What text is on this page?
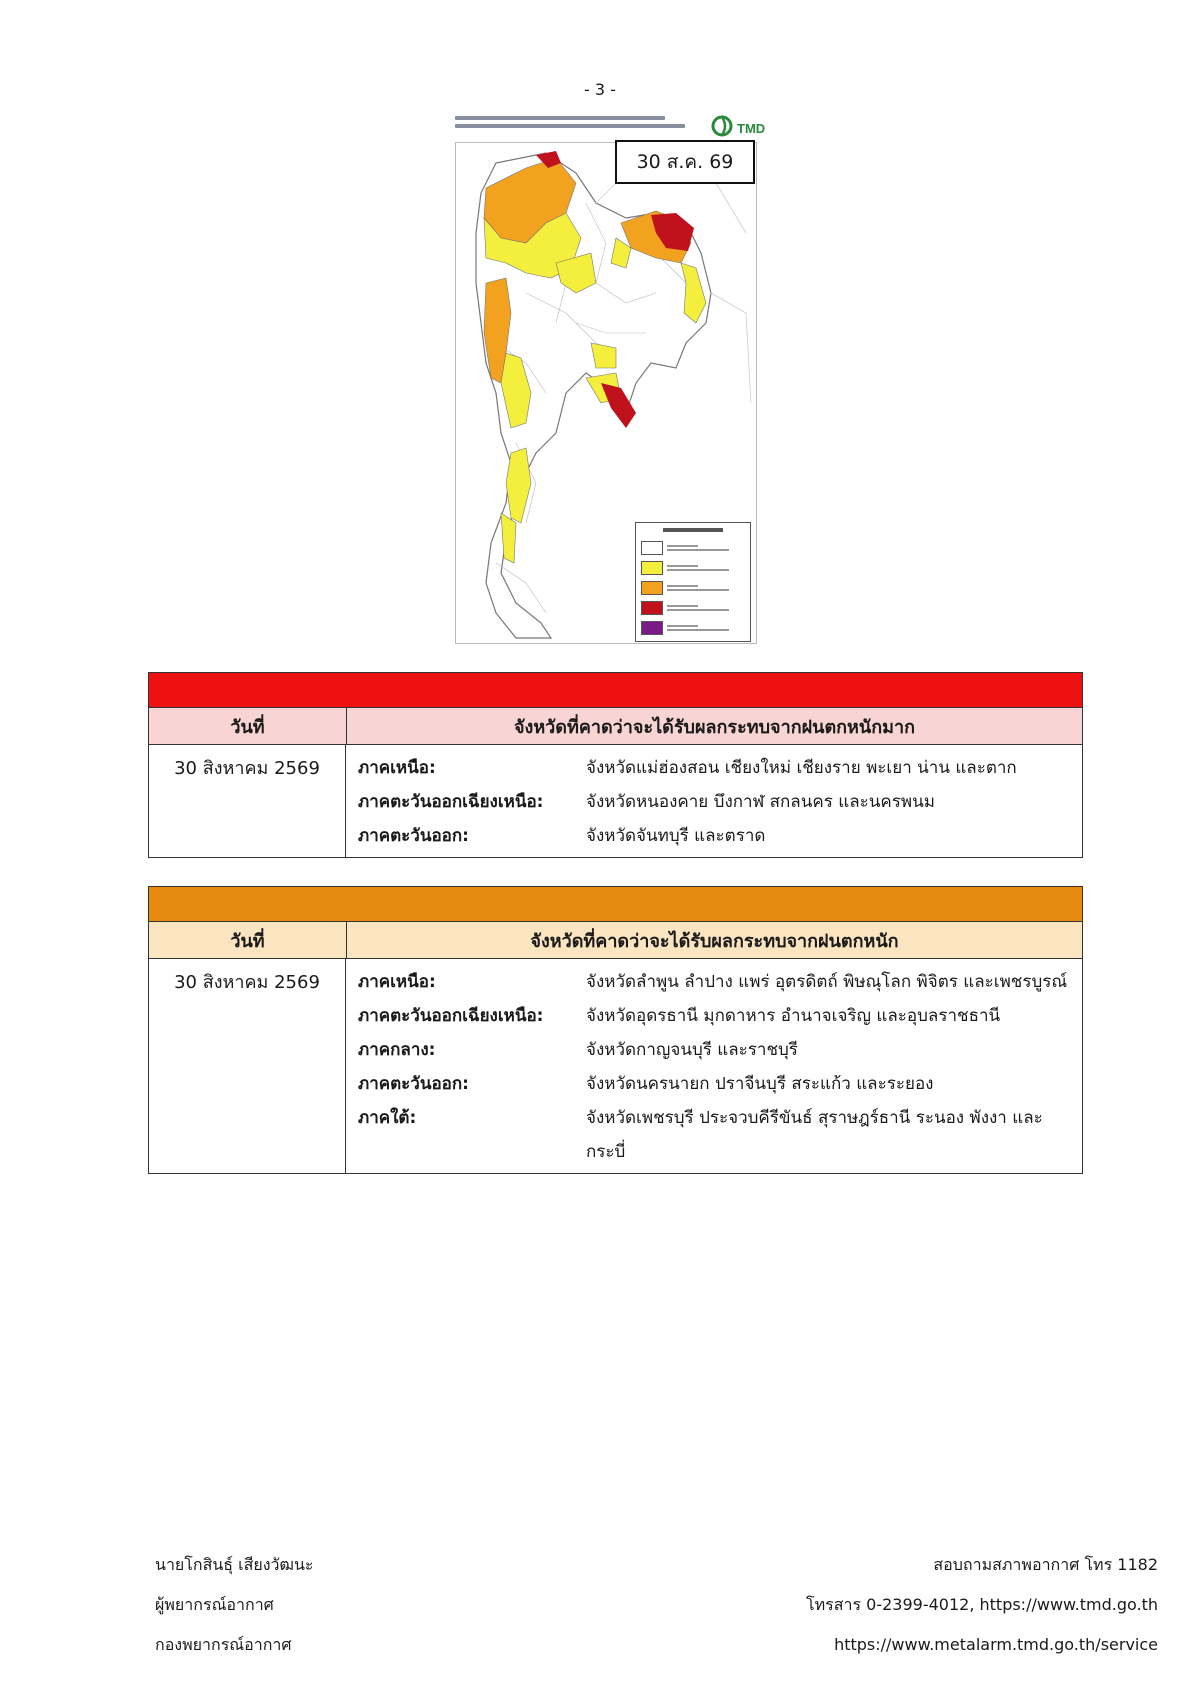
- 3 -
TMD
30 ส.ค. 69
วันที่	จังหวัดที่คาดว่าจะได้รับผลกระทบจากฝนตกหนักมาก
30 สิงหาคม 2569	ภาคเหนือ:	จังหวัดแม่ฮ่องสอน เชียงใหม่ เชียงราย พะเยา น่าน และตาก
ภาคตะวันออกเฉียงเหนือ:	จังหวัดหนองคาย บึงกาฬ สกลนคร และนครพนม
ภาคตะวันออก:	จังหวัดจันทบุรี และตราด
วันที่	จังหวัดที่คาดว่าจะได้รับผลกระทบจากฝนตกหนัก
30 สิงหาคม 2569	ภาคเหนือ:	จังหวัดลำพูน ลำปาง แพร่ อุตรดิตถ์ พิษณุโลก พิจิตร และเพชรบูรณ์
ภาคตะวันออกเฉียงเหนือ:	จังหวัดอุดรธานี มุกดาหาร อำนาจเจริญ และอุบลราชธานี
ภาคกลาง:	จังหวัดกาญจนบุรี และราชบุรี
ภาคตะวันออก:	จังหวัดนครนายก ปราจีนบุรี สระแก้ว และระยอง
ภาคใต้:	จังหวัดเพชรบุรี ประจวบคีรีขันธ์ สุราษฎร์ธานี ระนอง พังงา และกระบี่
นายโกสินธุ์ เสียงวัฒนะ
ผู้พยากรณ์อากาศ
กองพยากรณ์อากาศ
สอบถามสภาพอากาศ โทร 1182
โทรสาร 0-2399-4012, https://www.tmd.go.th
https://www.metalarm.tmd.go.th/service
